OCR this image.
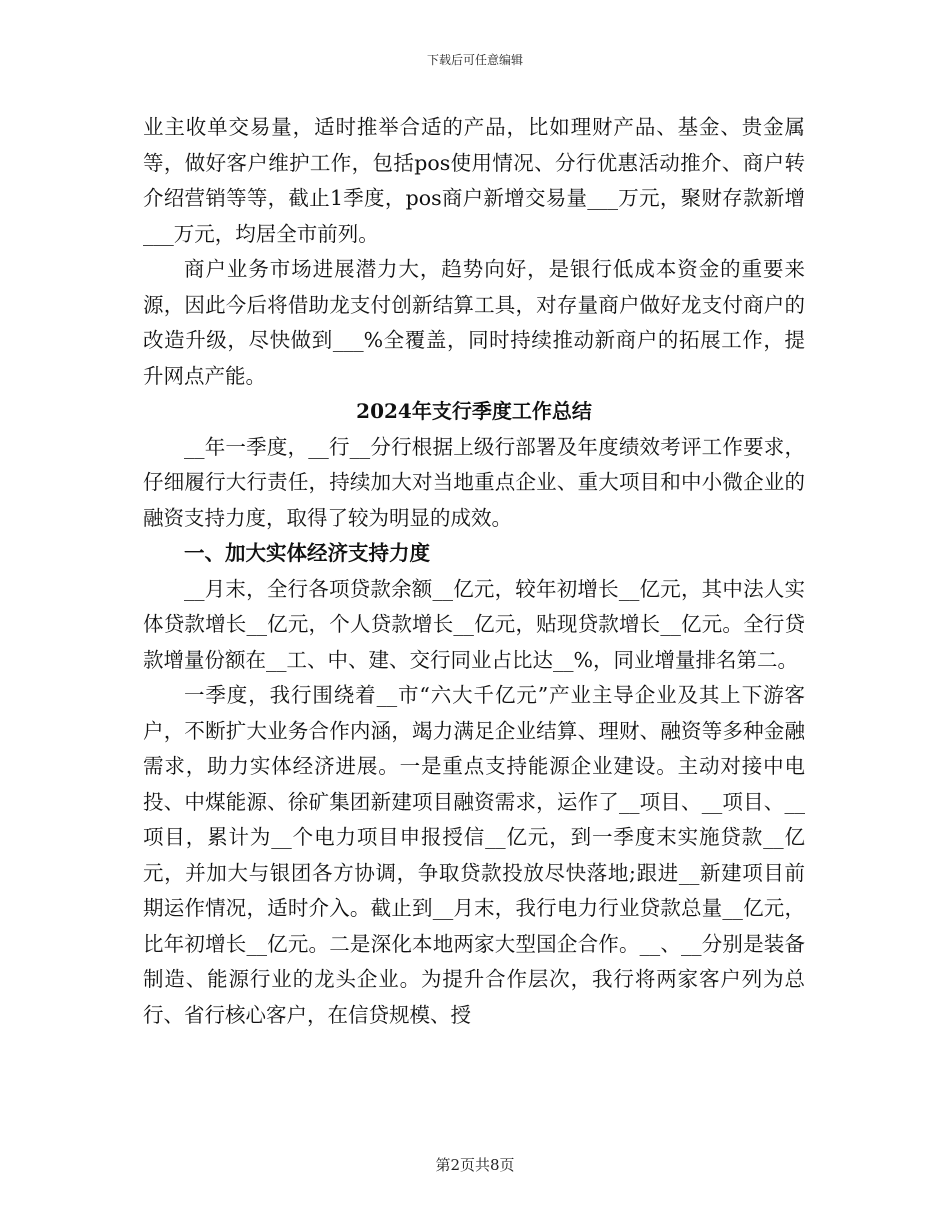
下载后可任意编辑

业主收单交易量，适时推举合适的产品，比如理财产品、基金、贵金属等，做好客户维护工作，包括pos使用情况、分行优惠活动推介、商户转介绍营销等等，截止1季度，pos商户新增交易量___万元，聚财存款新增___万元，均居全市前列。

商户业务市场进展潜力大，趋势向好，是银行低成本资金的重要来源，因此今后将借助龙支付创新结算工具，对存量商户做好龙支付商户的改造升级，尽快做到___%全覆盖，同时持续推动新商户的拓展工作，提升网点产能。

2024年支行季度工作总结

__年一季度，__行__分行根据上级行部署及年度绩效考评工作要求，仔细履行大行责任，持续加大对当地重点企业、重大项目和中小微企业的融资支持力度，取得了较为明显的成效。

一、加大实体经济支持力度

__月末，全行各项贷款余额__亿元，较年初增长__亿元，其中法人实体贷款增长__亿元，个人贷款增长__亿元，贴现贷款增长__亿元。全行贷款增量份额在__工、中、建、交行同业占比达__%，同业增量排名第二。

一季度，我行围绕着__市“六大千亿元”产业主导企业及其上下游客户，不断扩大业务合作内涵，竭力满足企业结算、理财、融资等多种金融需求，助力实体经济进展。一是重点支持能源企业建设。主动对接中电投、中煤能源、徐矿集团新建项目融资需求，运作了__项目、__项目、__项目，累计为__个电力项目申报授信__亿元，到一季度末实施贷款__亿元，并加大与银团各方协调，争取贷款投放尽快落地;跟进__新建项目前期运作情况，适时介入。截止到__月末，我行电力行业贷款总量__亿元，比年初增长__亿元。二是深化本地两家大型国企合作。__、__分别是装备制造、能源行业的龙头企业。为提升合作层次，我行将两家客户列为总行、省行核心客户，在信贷规模、授

第2页共8页
